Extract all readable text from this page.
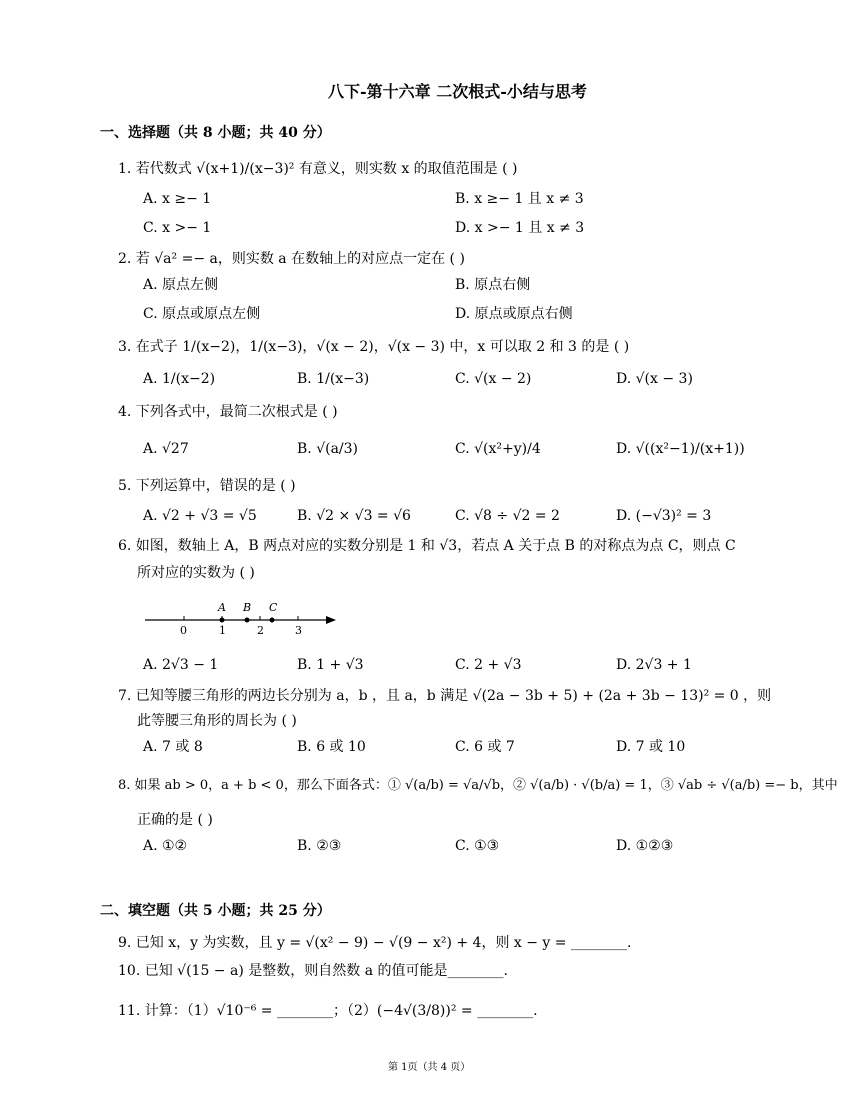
八下-第十六章 二次根式-小结与思考
一、选择题（共 8 小题；共 40 分）
1. 若代数式 √(x+1)/(x−3)² 有意义，则实数 x 的取值范围是 ( )
A. x ≥− 1	B. x ≥− 1 且 x ≠ 3
C. x >− 1	D. x >− 1 且 x ≠ 3
2. 若 √a² =− a，则实数 a 在数轴上的对应点一定在 ( )
A. 原点左侧	B. 原点右侧
C. 原点或原点左侧	D. 原点或原点右侧
3. 在式子 1/(x−2)，1/(x−3)，√(x − 2)，√(x − 3) 中，x 可以取 2 和 3 的是 ( )
A. 1/(x−2)	B. 1/(x−3)	C. √(x − 2)	D. √(x − 3)
4. 下列各式中，最简二次根式是 ( )
A. √27	B. √(a/3)	C. √(x²+y)/4	D. √((x²−1)/(x+1))
5. 下列运算中，错误的是 ( )
A. √2 + √3 = √5	B. √2 × √3 = √6	C. √8 ÷ √2 = 2	D. (−√3)² = 3
6. 如图，数轴上 A，B 两点对应的实数分别是 1 和 √3，若点 A 关于点 B 的对称点为点 C，则点 C
所对应的实数为 ( )
A B C
0	1	2	3
A. 2√3 − 1	B. 1 + √3	C. 2 + √3	D. 2√3 + 1
7. 已知等腰三角形的两边长分别为 a，b ，且 a，b 满足 √(2a − 3b + 5) + (2a + 3b − 13)² = 0 ，则
此等腰三角形的周长为 ( )
A. 7 或 8	B. 6 或 10	C. 6 或 7	D. 7 或 10
8. 如果 ab > 0，a + b < 0，那么下面各式：① √(a/b) = √a/√b，② √(a/b) · √(b/a) = 1，③ √ab ÷ √(a/b) =− b，其中
正确的是 ( )
A. ①②	B. ②③	C. ①③	D. ①②③
二、填空题（共 5 小题；共 25 分）
9. 已知 x，y 为实数，且 y = √(x² − 9) − √(9 − x²) + 4，则 x − y = ________.
10. 已知 √(15 − a) 是整数，则自然数 a 的值可能是________.
11. 计算：（1）√10⁻⁶ = ________；（2）(−4√(3/8))² = ________.
第 1页（共 4 页）
